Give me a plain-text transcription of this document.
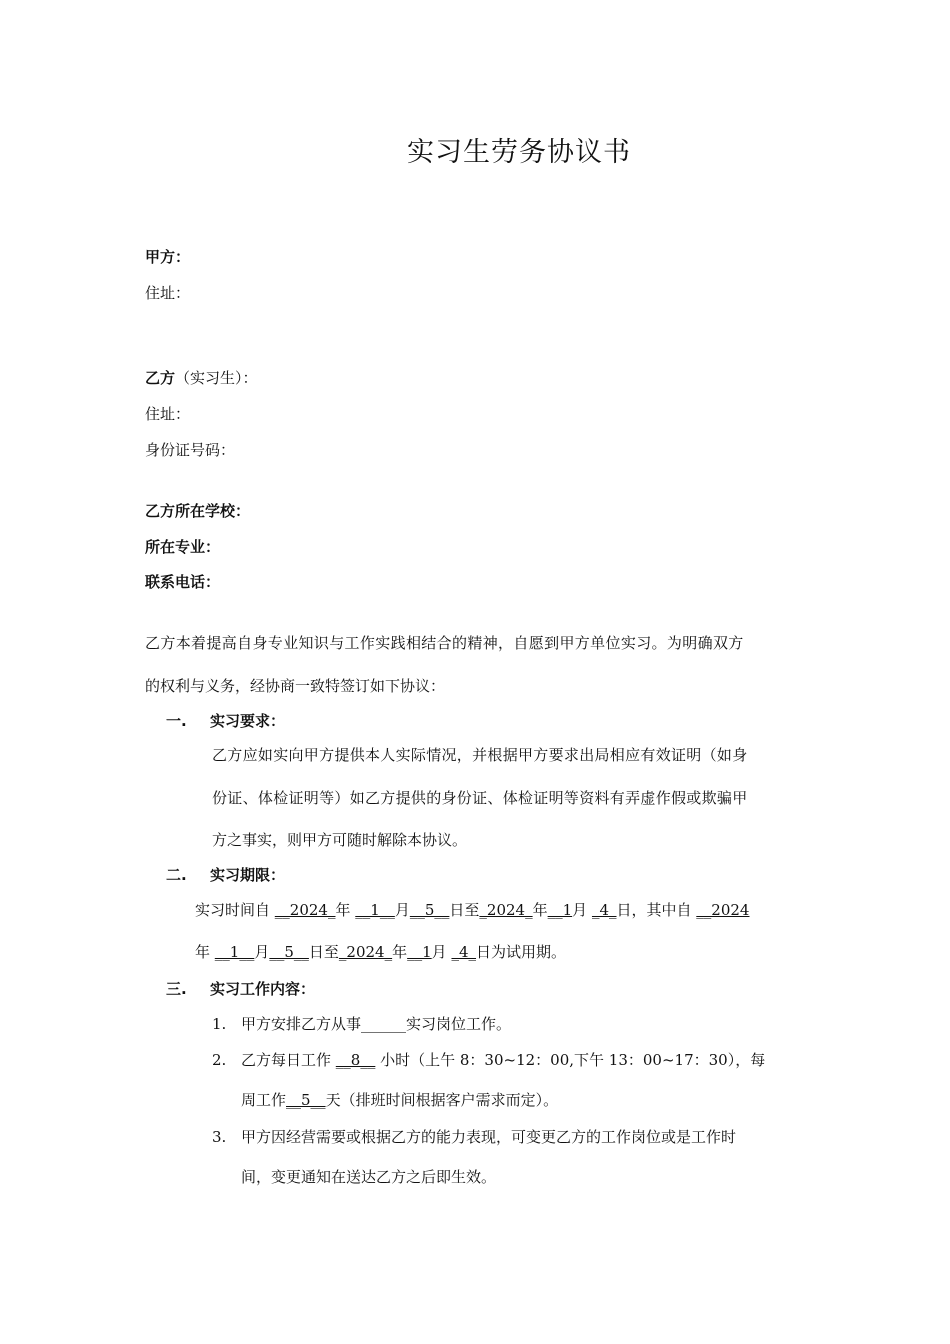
实习生劳务协议书
甲方：
住址：
乙方（实习生）：
住址：
身份证号码：
乙方所在学校：
所在专业：
联系电话：
乙方本着提高自身专业知识与工作实践相结合的精神，自愿到甲方单位实习。为明确双方
的权利与义务，经协商一致特签订如下协议：
一. 实习要求：
乙方应如实向甲方提供本人实际情况，并根据甲方要求出局相应有效证明（如身
份证、体检证明等）如乙方提供的身份证、体检证明等资料有弄虚作假或欺骗甲
方之事实，则甲方可随时解除本协议。
二. 实习期限：
实习时间自 __2024_年 __1__月__5__日至_2024_年__1月 _4_日，其中自 __2024
年 __1__月__5__日至_2024_年__1月 _4_日为试用期。
三. 实习工作内容：
1. 甲方安排乙方从事______实习岗位工作。
2. 乙方每日工作 __8__ 小时（上午 8：30~12：00,下午 13：00~17：30），每
周工作__5__天（排班时间根据客户需求而定）。
3. 甲方因经营需要或根据乙方的能力表现，可变更乙方的工作岗位或是工作时
间，变更通知在送达乙方之后即生效。
